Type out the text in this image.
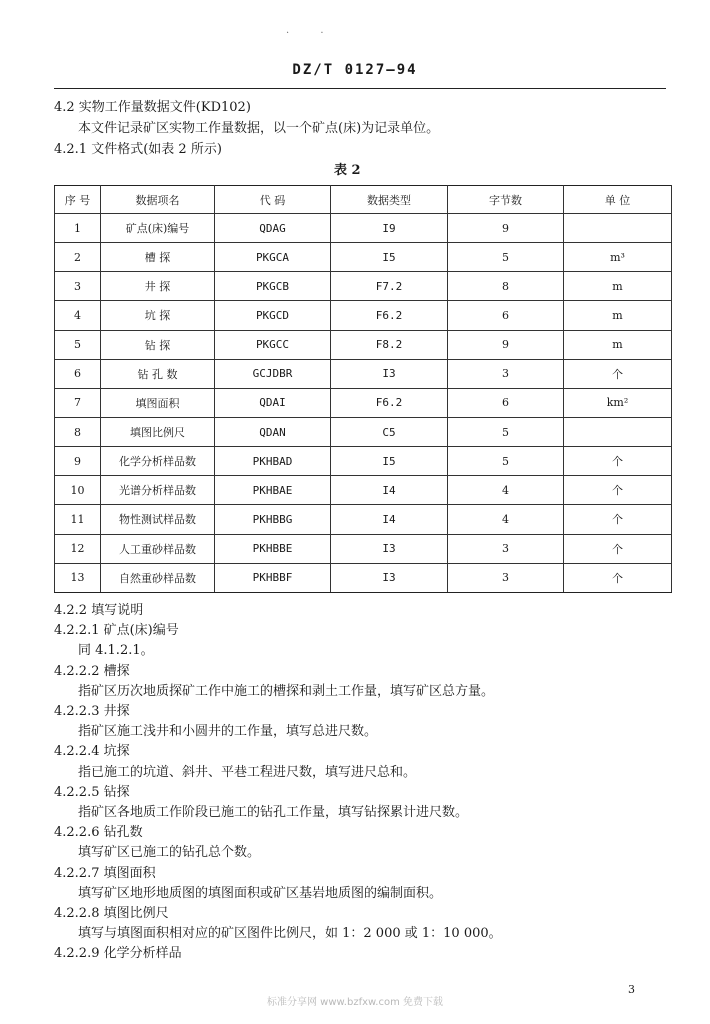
· ·
DZ/T 0127—94
4.2 实物工作量数据文件(KD102)
本文件记录矿区实物工作量数据，以一个矿点(床)为记录单位。
4.2.1 文件格式(如表 2 所示)
表 2
序 号	数据项名	代 码	数据类型	字节数	单 位
1	矿点(床)编号	QDAG	I9	9	
2	槽 探	PKGCA	I5	5	m³
3	井 探	PKGCB	F7.2	8	m
4	坑 探	PKGCD	F6.2	6	m
5	钻 探	PKGCC	F8.2	9	m
6	钻 孔 数	GCJDBR	I3	3	个
7	填图面积	QDAI	F6.2	6	km²
8	填图比例尺	QDAN	C5	5	
9	化学分析样品数	PKHBAD	I5	5	个
10	光谱分析样品数	PKHBAE	I4	4	个
11	物性测试样品数	PKHBBG	I4	4	个
12	人工重砂样品数	PKHBBE	I3	3	个
13	自然重砂样品数	PKHBBF	I3	3	个
4.2.2 填写说明
4.2.2.1 矿点(床)编号
同 4.1.2.1。
4.2.2.2 槽探
指矿区历次地质探矿工作中施工的槽探和剥土工作量，填写矿区总方量。
4.2.2.3 井探
指矿区施工浅井和小圆井的工作量，填写总进尺数。
4.2.2.4 坑探
指已施工的坑道、斜井、平巷工程进尺数，填写进尺总和。
4.2.2.5 钻探
指矿区各地质工作阶段已施工的钻孔工作量，填写钻探累计进尺数。
4.2.2.6 钻孔数
填写矿区已施工的钻孔总个数。
4.2.2.7 填图面积
填写矿区地形地质图的填图面积或矿区基岩地质图的编制面积。
4.2.2.8 填图比例尺
填写与填图面积相对应的矿区图件比例尺，如 1：2 000 或 1：10 000。
4.2.2.9 化学分析样品
3
标准分享网 www.bzfxw.com 免费下载
